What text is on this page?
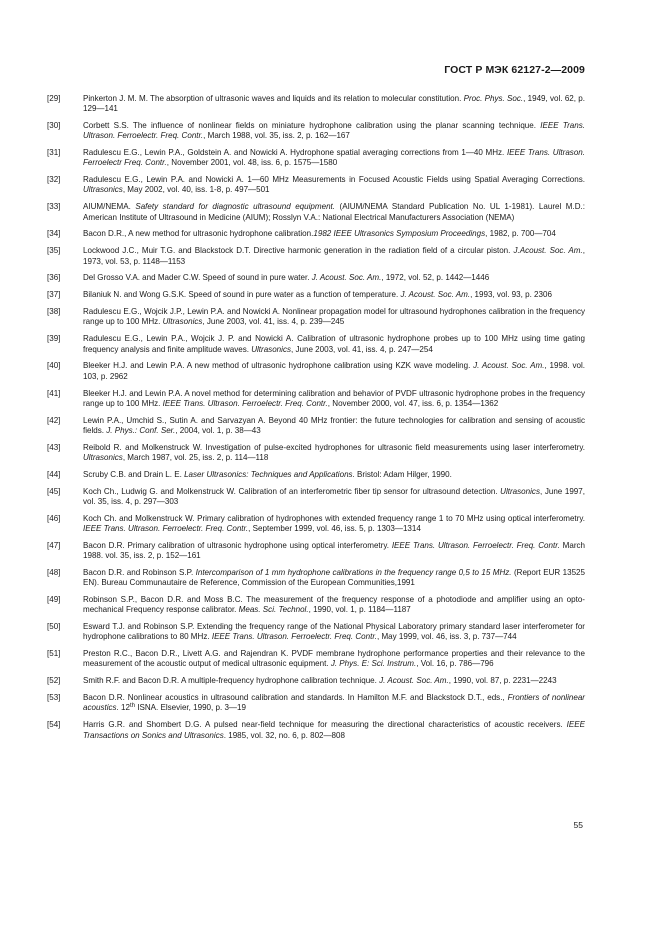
ГОСТ Р МЭК 62127-2—2009
[29]	Pinkerton J. M. M. The absorption of ultrasonic waves and liquids and its relation to molecular constitution. Proc. Phys. Soc., 1949, vol. 62, p. 129—141
[30]	Corbett S.S. The influence of nonlinear fields on miniature hydrophone calibration using the planar scanning technique. IEEE Trans. Ultrason. Ferroelectr. Freq. Contr., March 1988, vol. 35, iss. 2, p. 162—167
[31]	Radulescu E.G., Lewin P.A., Goldstein A. and Nowicki A. Hydrophone spatial averaging corrections from 1—40 MHz. IEEE Trans. Ultrason. Ferroelectr Freq. Contr., November 2001, vol. 48, iss. 6, p. 1575—1580
[32]	Radulescu E.G., Lewin P.A. and Nowicki A. 1—60 MHz Measurements in Focused Acoustic Fields using Spatial Averaging Corrections. Ultrasonics, May 2002, vol. 40, iss. 1-8, p. 497—501
[33]	AIUM/NEMA. Safety standard for diagnostic ultrasound equipment. (AIUM/NEMA Standard Publication No. UL 1-1981). Laurel M.D.: American Institute of Ultrasound in Medicine (AIUM); Rosslyn V.A.: National Electrical Manufacturers Association (NEMA)
[34]	Bacon D.R., A new method for ultrasonic hydrophone calibration.1982 IEEE Ultrasonics Symposium Proceedings, 1982, p. 700—704
[35]	Lockwood J.C., Muir T.G. and Blackstock D.T. Directive harmonic generation in the radiation field of a circular piston. J.Acoust. Soc. Am., 1973, vol. 53, p. 1148—1153
[36]	Del Grosso V.A. and Mader C.W. Speed of sound in pure water. J. Acoust. Soc. Am., 1972, vol. 52, p. 1442—1446
[37]	Bilaniuk N. and Wong G.S.K. Speed of sound in pure water as a function of temperature. J. Acoust. Soc. Am., 1993, vol. 93, p. 2306
[38]	Radulescu E.G., Wojcik J.P., Lewin P.A. and Nowicki A. Nonlinear propagation model for ultrasound hydrophones calibration in the frequency range up to 100 MHz. Ultrasonics, June 2003, vol. 41, iss. 4, p. 239—245
[39]	Radulescu E.G., Lewin P.A., Wojcik J. P. and Nowicki A. Calibration of ultrasonic hydrophone probes up to 100 MHz using time gating frequency analysis and finite amplitude waves. Ultrasonics, June 2003, vol. 41, iss. 4, p. 247—254
[40]	Bleeker H.J. and Lewin P.A. A new method of ultrasonic hydrophone calibration using KZK wave modeling. J. Acoust. Soc. Am., 1998. vol. 103, p. 2962
[41]	Bleeker H.J. and Lewin P.A. A novel method for determining calibration and behavior of PVDF ultrasonic hydrophone probes in the frequency range up to 100 MHz. IEEE Trans. Ultrason. Ferroelectr. Freq. Contr., November 2000, vol. 47, iss. 6, p. 1354—1362
[42]	Lewin P.A., Umchid S., Sutin A. and Sarvazyan A. Beyond 40 MHz frontier: the future technologies for calibration and sensing of acoustic fields. J. Phys.: Conf. Ser., 2004, vol. 1, p. 38—43
[43]	Reibold R. and Molkenstruck W. Investigation of pulse-excited hydrophones for ultrasonic field measurements using laser interferometry. Ultrasonics, March 1987, vol. 25, iss. 2, p. 114—118
[44]	Scruby C.B. and Drain L. E. Laser Ultrasonics: Techniques and Applications. Bristol: Adam Hilger, 1990.
[45]	Koch Ch., Ludwig G. and Molkenstruck W. Calibration of an interferometric fiber tip sensor for ultrasound detection. Ultrasonics, June 1997, vol. 35, iss. 4, p. 297—303
[46]	Koch Ch. and Molkenstruck W. Primary calibration of hydrophones with extended frequency range 1 to 70 MHz using optical interferometry. IEEE Trans. Ultrason. Ferroelectr. Freq. Contr., September 1999, vol. 46, iss. 5, p. 1303—1314
[47]	Bacon D.R. Primary calibration of ultrasonic hydrophone using optical interferometry. IEEE Trans. Ultrason. Ferroelectr. Freq. Contr. March 1988. vol. 35, iss. 2, p. 152—161
[48]	Bacon D.R. and Robinson S.P. Intercomparison of 1 mm hydrophone calibrations in the frequency range 0,5 to 15 MHz. (Report EUR 13525 EN). Bureau Communautaire de Reference, Commission of the European Communities,1991
[49]	Robinson S.P., Bacon D.R. and Moss B.C. The measurement of the frequency response of a photodiode and amplifier using an opto-mechanical Frequency response calibrator. Meas. Sci. Technol., 1990, vol. 1, p. 1184—1187
[50]	Esward T.J. and Robinson S.P. Extending the frequency range of the National Physical Laboratory primary standard laser interferometer for hydrophone calibrations to 80 MHz. IEEE Trans. Ultrason. Ferroelectr. Freq. Contr., May 1999, vol. 46, iss. 3, p. 737—744
[51]	Preston R.C., Bacon D.R., Livett A.G. and Rajendran K. PVDF membrane hydrophone performance properties and their relevance to the measurement of the acoustic output of medical ultrasonic equipment. J. Phys. E: Sci. Instrum., Vol. 16, p. 786—796
[52]	Smith R.F. and Bacon D.R. A multiple-frequency hydrophone calibration technique. J. Acoust. Soc. Am., 1990, vol. 87, p. 2231—2243
[53]	Bacon D.R. Nonlinear acoustics in ultrasound calibration and standards. In Hamilton M.F. and Blackstock D.T., eds., Frontiers of nonlinear acoustics. 12th ISNA. Elsevier, 1990, p. 3—19
[54]	Harris G.R. and Shombert D.G. A pulsed near-field technique for measuring the directional characteristics of acoustic receivers. IEEE Transactions on Sonics and Ultrasonics. 1985, vol. 32, no. 6, p. 802—808
55
